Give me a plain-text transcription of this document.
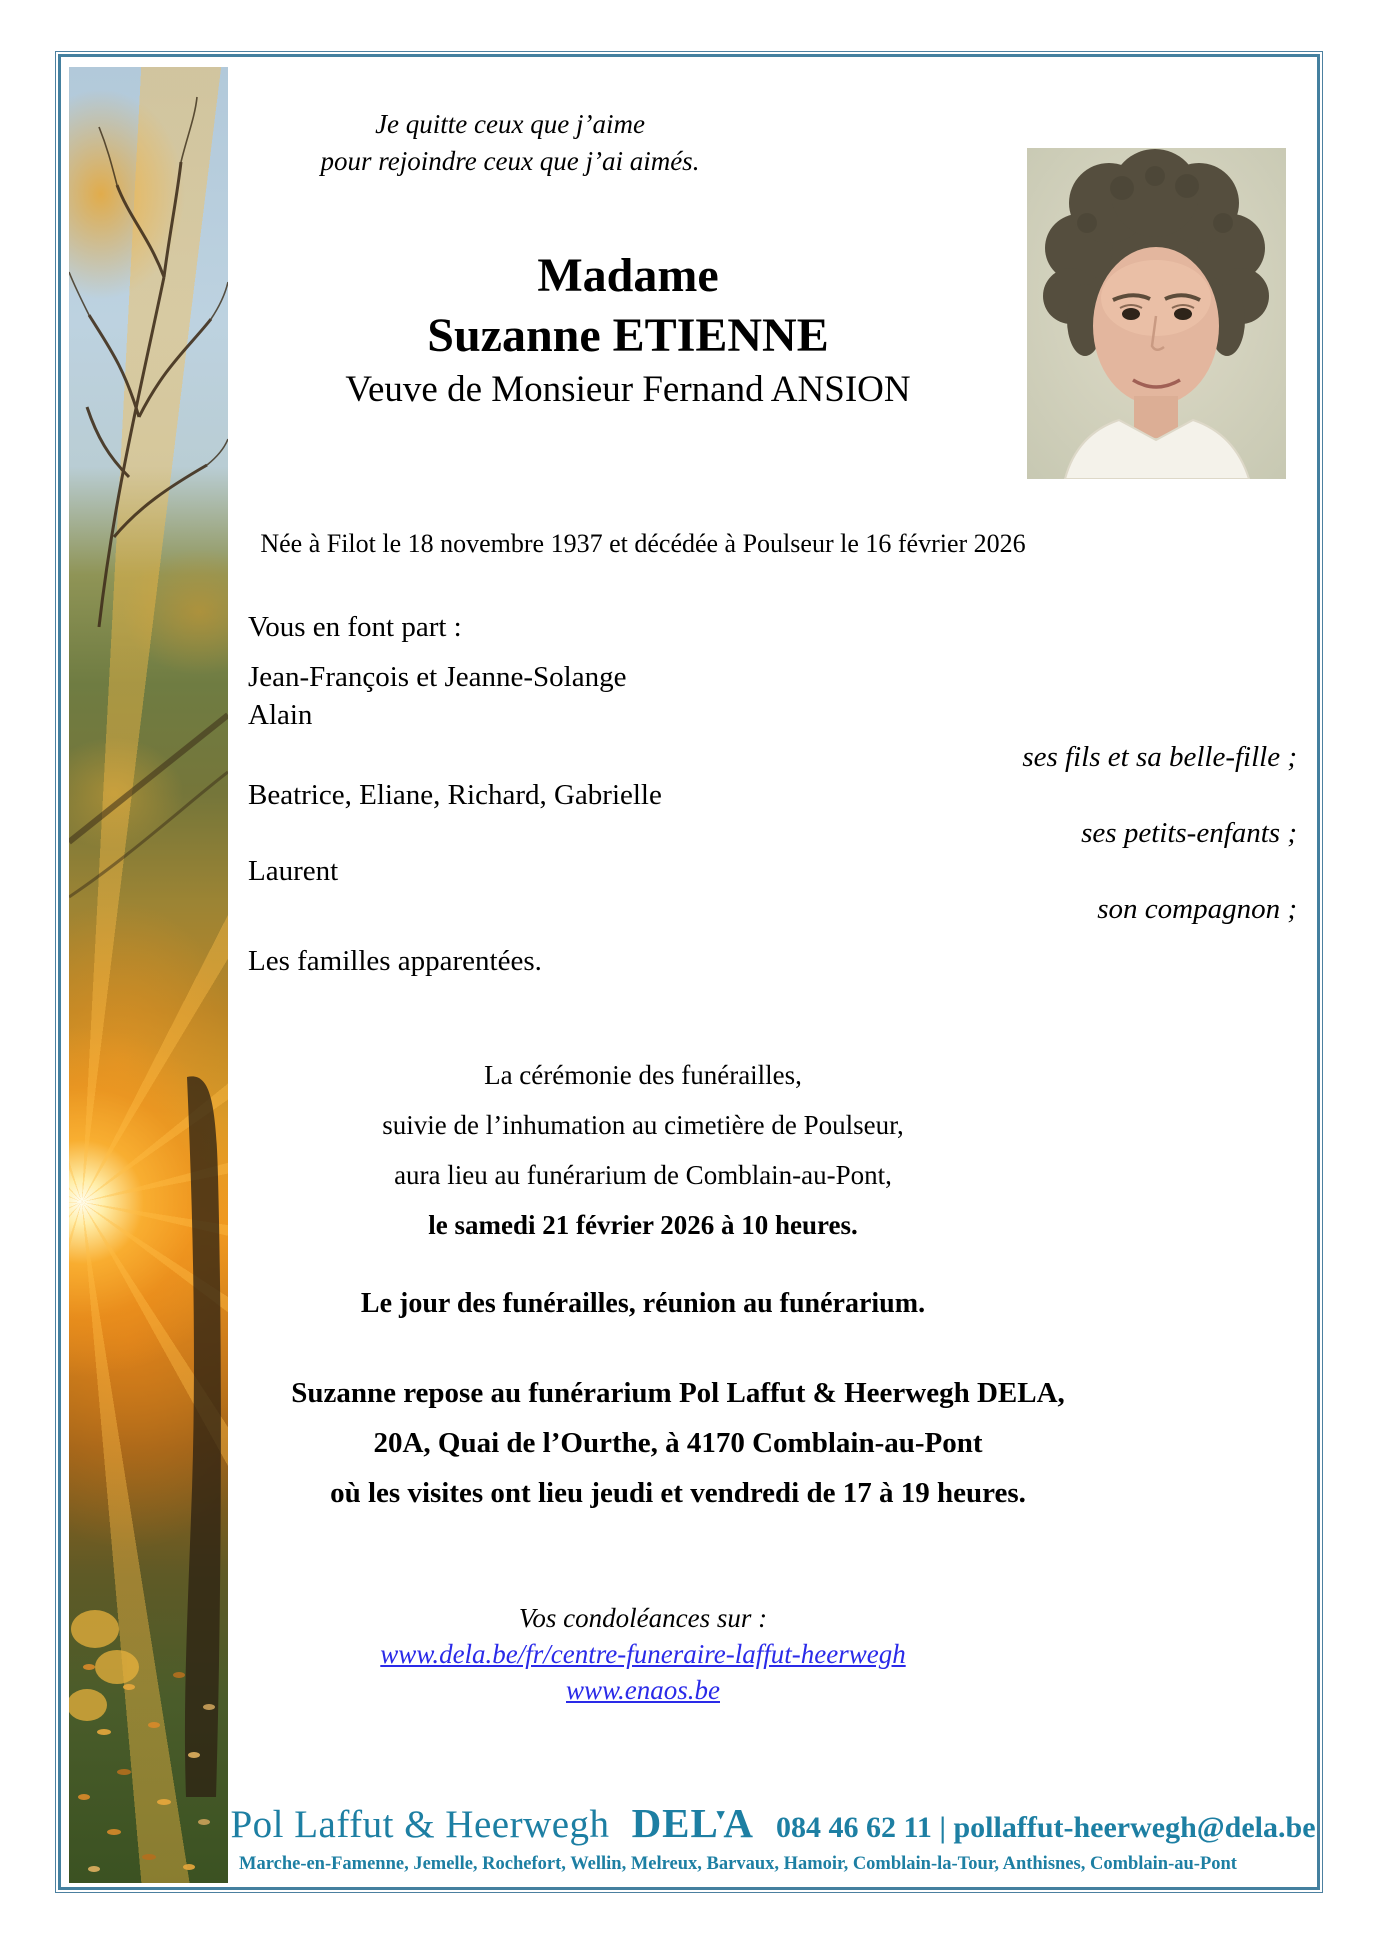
Je quitte ceux que j’aime
pour rejoindre ceux que j’ai aimés.
Madame
Suzanne ETIENNE
Veuve de Monsieur Fernand ANSION
Née à Filot le 18 novembre 1937 et décédée à Poulseur le 16 février 2026
Vous en font part :
Jean-François et Jeanne-Solange
Alain
ses fils et sa belle-fille ;
Beatrice, Eliane, Richard, Gabrielle
ses petits-enfants ;
Laurent
son compagnon ;
Les familles apparentées.
La cérémonie des funérailles,
suivie de l’inhumation au cimetière de Poulseur,
aura lieu au funérarium de Comblain-au-Pont,
le samedi 21 février 2026 à 10 heures.
Le jour des funérailles, réunion au funérarium.
Suzanne repose au funérarium Pol Laffut & Heerwegh DELA,
20A, Quai de l’Ourthe, à 4170 Comblain-au-Pont
où les visites ont lieu jeudi et vendredi de 17 à 19 heures.
Vos condoléances sur :
www.dela.be/fr/centre-funeraire-laffut-heerwegh
www.enaos.be
Pol Laffut & Heerwegh DEL▾A 084 46 62 11 | pollaffut-heerwegh@dela.be
Marche-en-Famenne, Jemelle, Rochefort, Wellin, Melreux, Barvaux, Hamoir, Comblain-la-Tour, Anthisnes, Comblain-au-Pont
